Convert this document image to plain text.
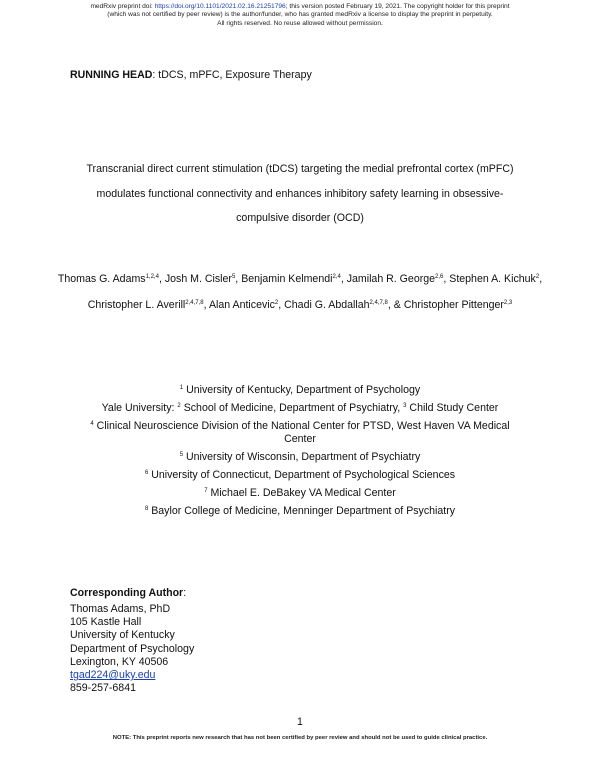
medRxiv preprint doi: https://doi.org/10.1101/2021.02.16.21251796; this version posted February 19, 2021. The copyright holder for this preprint
(which was not certified by peer review) is the author/funder, who has granted medRxiv a license to display the preprint in perpetuity.
All rights reserved. No reuse allowed without permission.
RUNNING HEAD: tDCS, mPFC, Exposure Therapy
Transcranial direct current stimulation (tDCS) targeting the medial prefrontal cortex (mPFC)
modulates functional connectivity and enhances inhibitory safety learning in obsessive-
compulsive disorder (OCD)
Thomas G. Adams$^{1,2,4}$, Josh M. Cisler$^5$, Benjamin Kelmendi$^{2,4}$, Jamilah R. George$^{2,6}$, Stephen A. Kichuk$^2$, Christopher L. Averill$^{2,4,7,8}$, Alan Anticevic$^2$, Chadi G. Abdallah$^{2,4,7,8}$, & Christopher Pittenger$^{2,3}$
$^1$ University of Kentucky, Department of Psychology
Yale University: $^2$ School of Medicine, Department of Psychiatry, $^3$ Child Study Center
$^4$ Clinical Neuroscience Division of the National Center for PTSD, West Haven VA Medical Center
$^5$ University of Wisconsin, Department of Psychiatry
$^6$ University of Connecticut, Department of Psychological Sciences
$^7$ Michael E. DeBakey VA Medical Center
$^8$ Baylor College of Medicine, Menninger Department of Psychiatry
Corresponding Author:
Thomas Adams, PhD
105 Kastle Hall
University of Kentucky
Department of Psychology
Lexington, KY 40506
tgad224@uky.edu
859-257-6841
1
NOTE: This preprint reports new research that has not been certified by peer review and should not be used to guide clinical practice.
